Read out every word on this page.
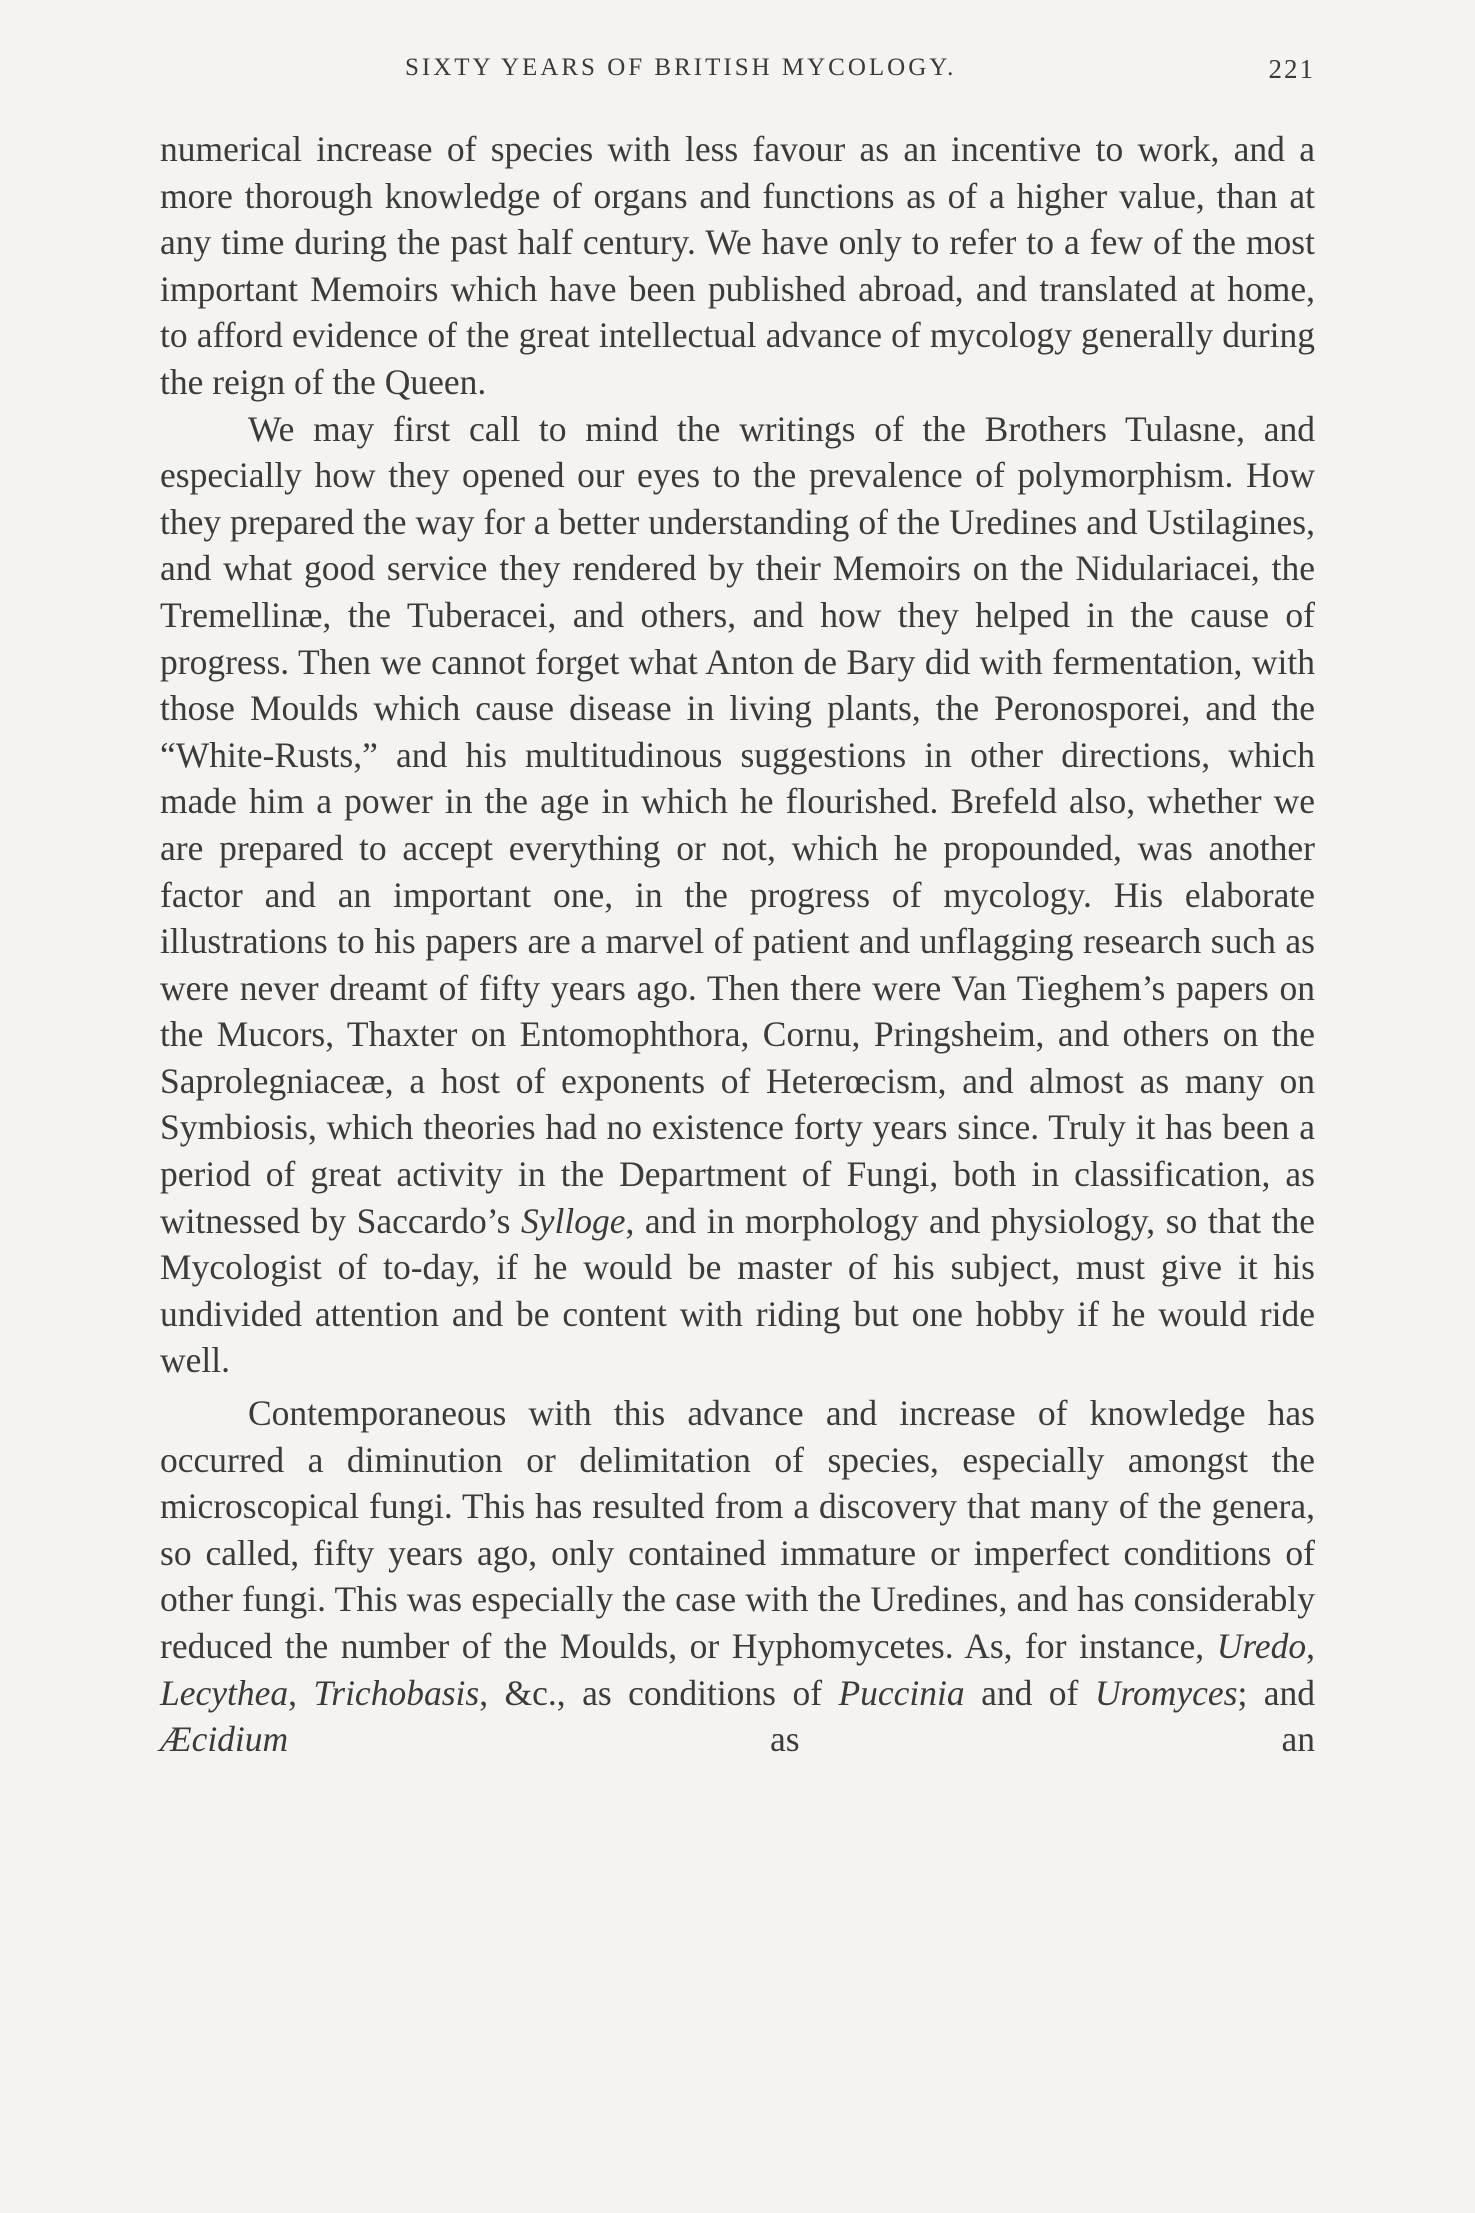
SIXTY YEARS OF BRITISH MYCOLOGY.	221

numerical increase of species with less favour as an incentive to work, and a more thorough knowledge of organs and functions as of a higher value, than at any time during the past half century. We have only to refer to a few of the most important Memoirs which have been published abroad, and translated at home, to afford evidence of the great intellectual advance of mycology generally during the reign of the Queen.

We may first call to mind the writings of the Brothers Tulasne, and especially how they opened our eyes to the prevalence of polymorphism. How they prepared the way for a better understanding of the Uredines and Ustilagines, and what good service they rendered by their Memoirs on the Nidulariacei, the Tremellinæ, the Tuberacei, and others, and how they helped in the cause of progress. Then we cannot forget what Anton de Bary did with fermentation, with those Moulds which cause disease in living plants, the Peronosporei, and the “White-Rusts,” and his multitudinous suggestions in other directions, which made him a power in the age in which he flourished. Brefeld also, whether we are prepared to accept everything or not, which he propounded, was another factor and an important one, in the progress of mycology. His elaborate illustrations to his papers are a marvel of patient and unflagging research such as were never dreamt of fifty years ago. Then there were Van Tieghem’s papers on the Mucors, Thaxter on Entomophthora, Cornu, Pringsheim, and others on the Saprolegniaceæ, a host of exponents of Heterœcism, and almost as many on Symbiosis, which theories had no existence forty years since. Truly it has been a period of great activity in the Department of Fungi, both in classification, as witnessed by Saccardo’s Sylloge, and in morphology and physiology, so that the Mycologist of to-day, if he would be master of his subject, must give it his undivided attention and be content with riding but one hobby if he would ride well.

Contemporaneous with this advance and increase of knowledge has occurred a diminution or delimitation of species, especially amongst the microscopical fungi. This has resulted from a discovery that many of the genera, so called, fifty years ago, only contained immature or imperfect conditions of other fungi. This was especially the case with the Uredines, and has considerably reduced the number of the Moulds, or Hyphomycetes. As, for instance, Uredo, Lecythea, Trichobasis, &c., as conditions of Puccinia and of Uromyces; and Æcidium as an
